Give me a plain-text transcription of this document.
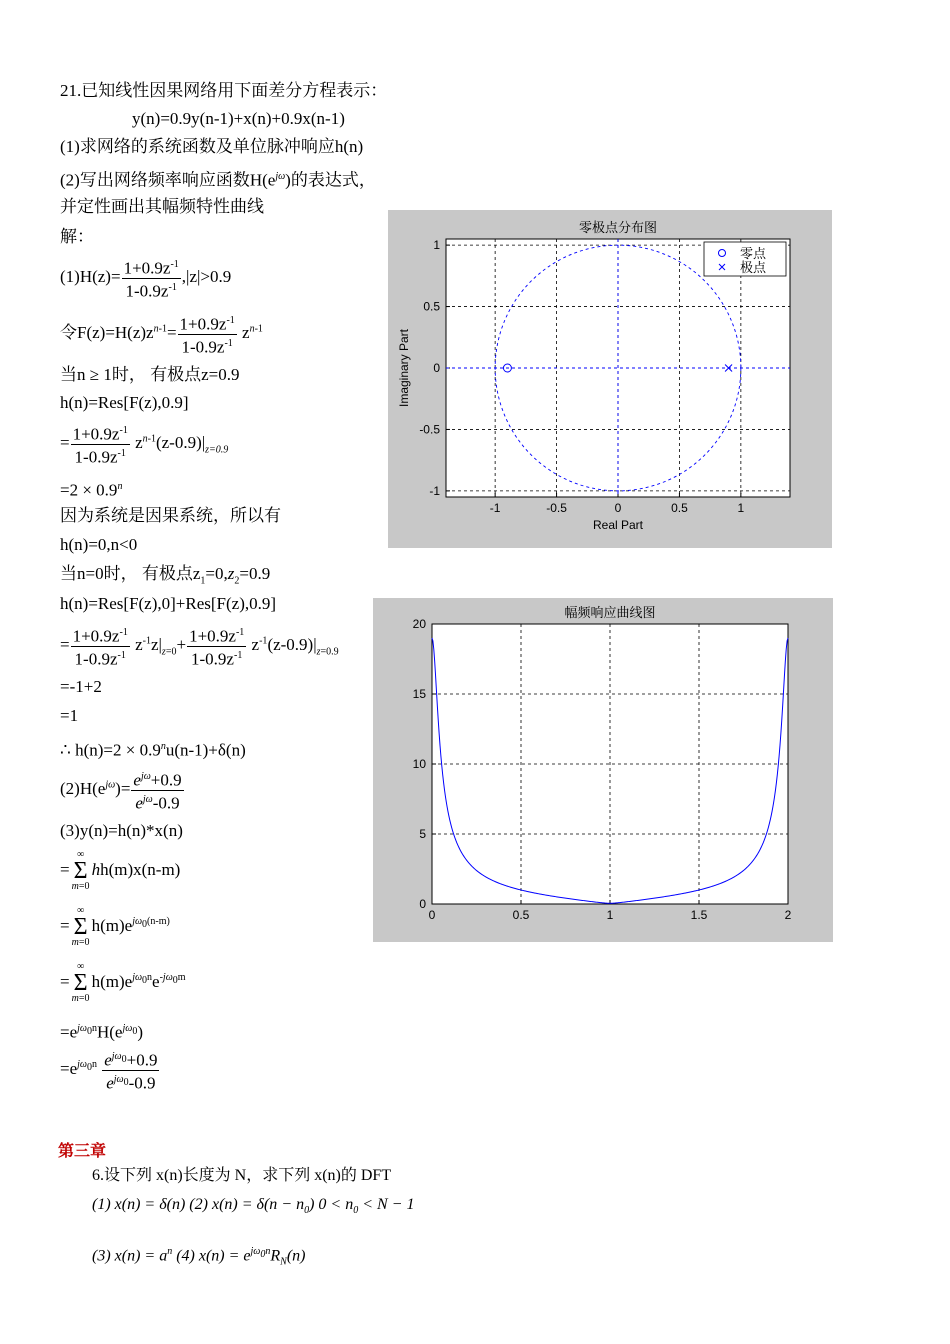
21.已知线性因果网络用下面差分方程表示：
y(n)=0.9y(n-1)+x(n)+0.9x(n-1)
(1)求网络的系统函数及单位脉冲响应h(n)
(2)写出网络频率响应函数$H(e^{j\omega})$的表达式，
并定性画出其幅频特性曲线
解：
$(1)H(z)= \frac{1+0.9z^{-1}}{1-0.9z^{-1}} ,|z|>0.9$
令$F(z)=H(z)z^{n-1}= \frac{1+0.9z^{-1}}{1-0.9z^{-1}} z^{n-1}$
当n ≥ 1时， 有极点z=0.9
h(n)=Res[F(z),0.9]
= $\frac{1+0.9z^{-1}}{1-0.9z^{-1}} z^{n-1}(z-0.9)|_{z=0.9}$
$=2 \times 0.9^n$
因为系统是因果系统，所以有
h(n)=0,n<0
当n=0时， 有极点$z_1=0,z_2=0.9$
h(n)=Res[F(z),0]+Res[F(z),0.9]
= $\frac{1+0.9z^{-1}}{1-0.9z^{-1}} z^{-1}z|_{z=0}+ \frac{1+0.9z^{-1}}{1-0.9z^{-1}} z^{-1}(z-0.9)|_{z=0.9}$
=-1+2
=1
∴ $h(n)=2 \times 0.9^nu(n-1)+\delta(n)$
$(2)H(e^{j\omega})= \frac{e^{j\omega}+0.9}{e^{j\omega}-0.9}$
(3)y(n)=h(n)*x(n)
=
∞
Σ
m=0
hh(m)x(n-m)
=
∞
Σ
m=0
$h(m)e^{j\omega_0(n-m)}$
=
∞
Σ
m=0
$h(m)e^{j\omega_0n}e^{-j\omega_0m}$
$=e^{j\omega_0n}H(e^{j\omega_0})$
$=e^{j\omega_0n} \frac{e^{j\omega_0}+0.9}{e^{j\omega_0}-0.9}$
第三章
6.设下列 x(n)长度为 N，求下列 x(n)的 DFT
(1) x(n) = δ(n) (2) $x(n) = \delta(n - n_0)$ $0 < n_0 < N - 1$
(3) $x(n) = a^n$ (4) $x(n) = e^{j\omega_0n}R_N(n)$
零极点分布图
-1	-0.5	0	0.5	1
-1
-0.5
0
0.5
1
零点
极点
Real Part
Imaginary Part
幅频响应曲线图
0	0.5	1	1.5	2
0
5
10
15
20
